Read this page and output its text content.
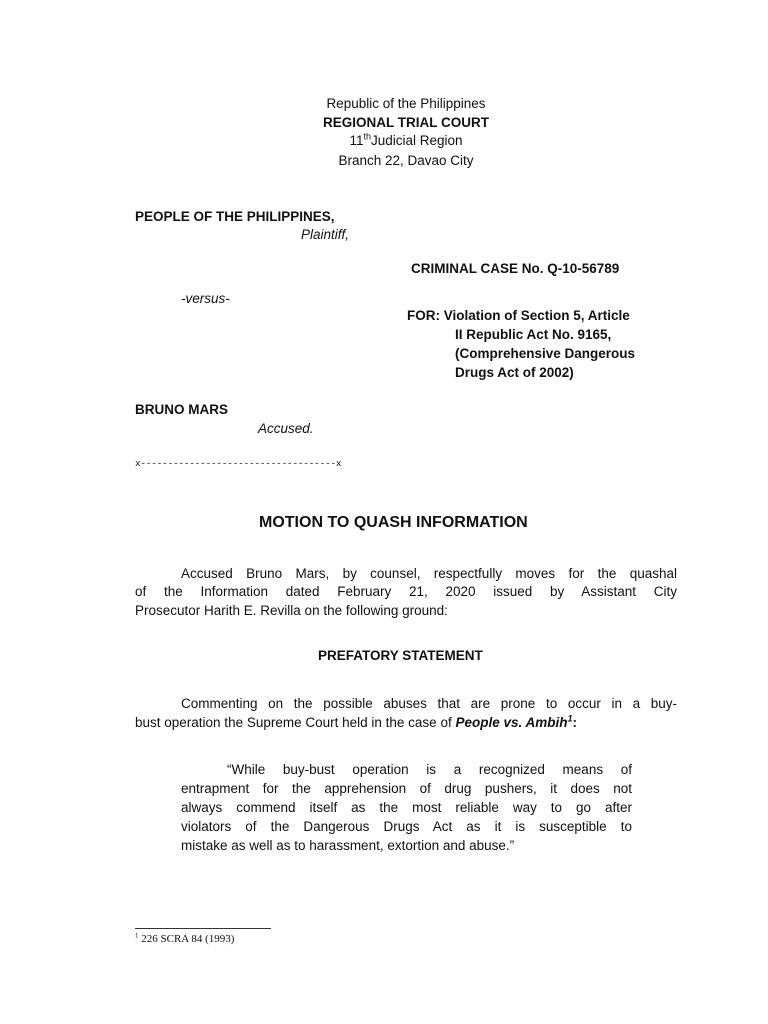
Republic of the Philippines
REGIONAL TRIAL COURT
11thJudicial Region
Branch 22, Davao City
PEOPLE OF THE PHILIPPINES,
Plaintiff,
CRIMINAL CASE No. Q-10-56789
-versus-
FOR: Violation of Section 5, Article
II Republic Act No. 9165,
(Comprehensive Dangerous
Drugs Act of 2002)
BRUNO MARS
Accused.
x------------------------------------x
MOTION TO QUASH INFORMATION
Accused Bruno Mars, by counsel, respectfully moves for the quashal
of the Information dated February 21, 2020 issued by Assistant City
Prosecutor Harith E. Revilla on the following ground:
PREFATORY STATEMENT
Commenting on the possible abuses that are prone to occur in a buy-
bust operation the Supreme Court held in the case of People vs. Ambih$^1$:
“While buy-bust operation is a recognized means of
entrapment for the apprehension of drug pushers, it does not
always commend itself as the most reliable way to go after
violators of the Dangerous Drugs Act as it is susceptible to
mistake as well as to harassment, extortion and abuse.”
$^1$ 226 SCRA 84 (1993)
